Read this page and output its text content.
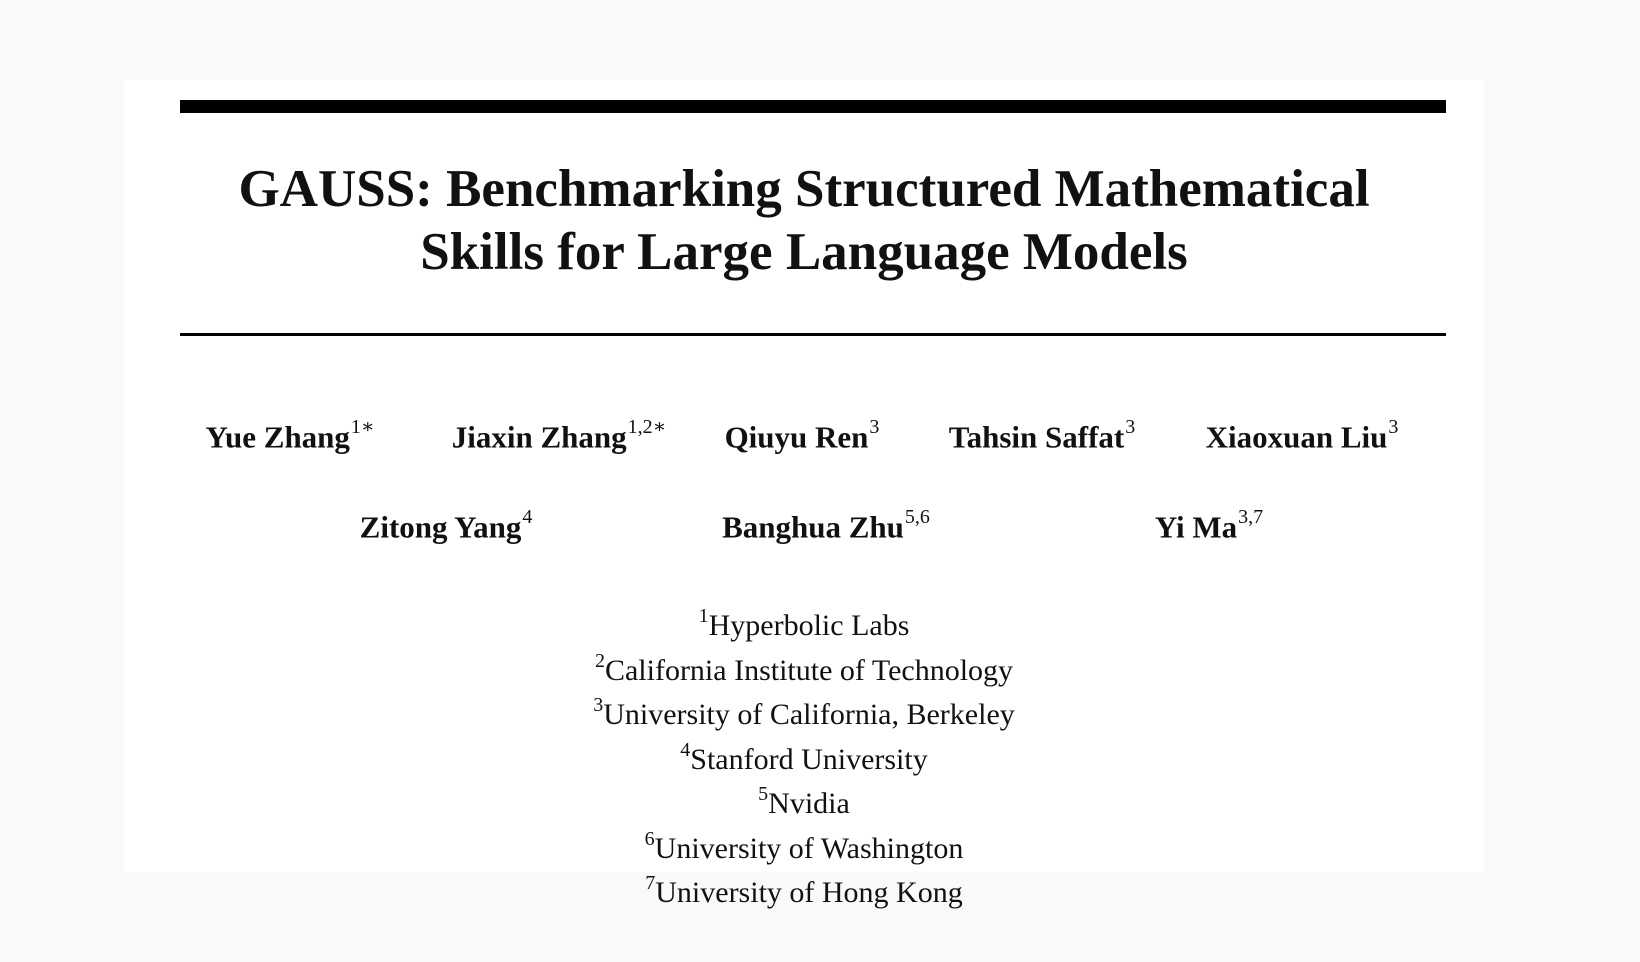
GAUSS: Benchmarking Structured Mathematical
Skills for Large Language Models
Yue Zhang$^{1∗}$ Jiaxin Zhang$^{1,2∗}$ Qiuyu Ren$^3$ Tahsin Saffat$^3$ Xiaoxuan Liu$^3$
Zitong Yang$^4$	Banghua Zhu$^{5,6}$	Yi Ma$^{3,7}$
$^1$Hyperbolic Labs
$^2$California Institute of Technology
$^3$University of California, Berkeley
$^4$Stanford University
$^5$Nvidia
$^6$University of Washington
$^7$University of Hong Kong
